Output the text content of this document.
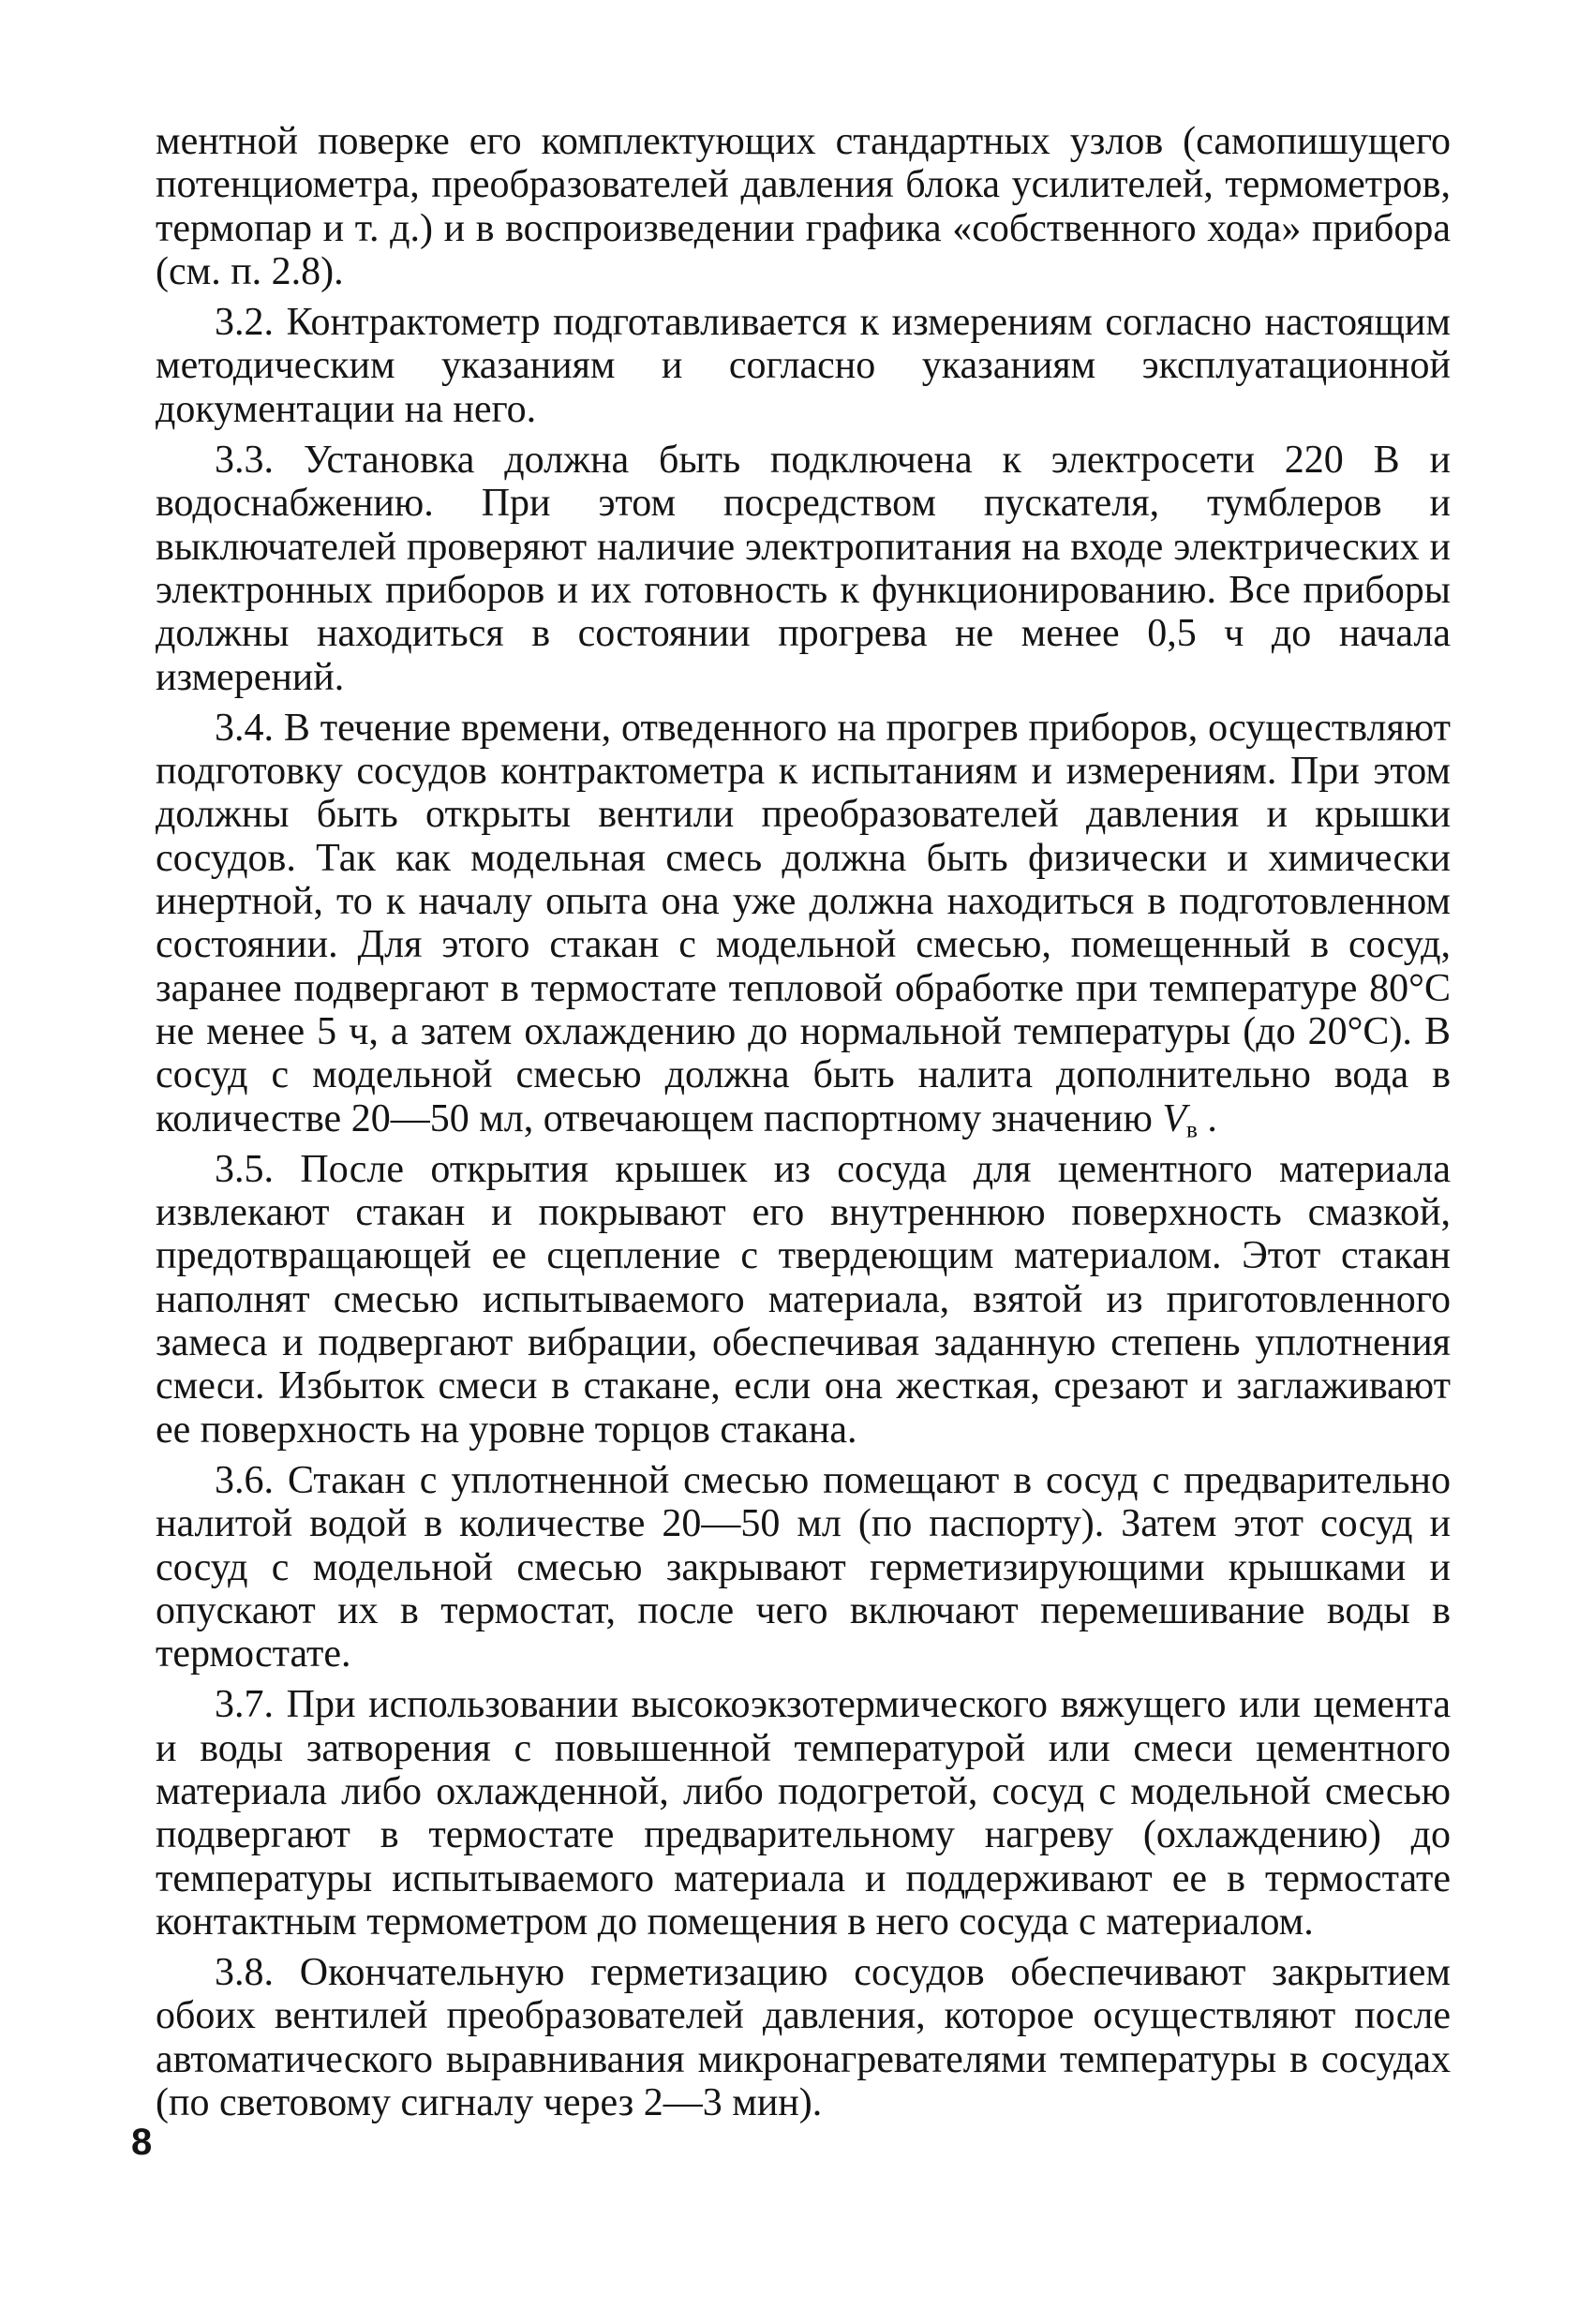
ментной поверке его комплектующих стандартных узлов (самопишущего потенциометра, преобразователей давления блока усилителей, термометров, термопар и т. д.) и в воспроизведении графика «собственного хода» прибора (см. п. 2.8).

3.2. Контрактометр подготавливается к измерениям согласно настоящим методическим указаниям и согласно указаниям эксплуатационной документации на него.

3.3. Установка должна быть подключена к электросети 220 В и водоснабжению. При этом посредством пускателя, тумблеров и выключателей проверяют наличие электропитания на входе электрических и электронных приборов и их готовность к функционированию. Все приборы должны находиться в состоянии прогрева не менее 0,5 ч до начала измерений.

3.4. В течение времени, отведенного на прогрев приборов, осуществляют подготовку сосудов контрактометра к испытаниям и измерениям. При этом должны быть открыты вентили преобразователей давления и крышки сосудов. Так как модельная смесь должна быть физически и химически инертной, то к началу опыта она уже должна находиться в подготовленном состоянии. Для этого стакан с модельной смесью, помещенный в сосуд, заранее подвергают в термостате тепловой обработке при температуре 80°С не менее 5 ч, а затем охлаждению до нормальной температуры (до 20°С). В сосуд с модельной смесью должна быть налита дополнительно вода в количестве 20—50 мл, отвечающем паспортному значению $V_в$ .

3.5. После открытия крышек из сосуда для цементного материала извлекают стакан и покрывают его внутреннюю поверхность смазкой, предотвращающей ее сцепление с твердеющим материалом. Этот стакан наполнят смесью испытываемого материала, взятой из приготовленного замеса и подвергают вибрации, обеспечивая заданную степень уплотнения смеси. Избыток смеси в стакане, если она жесткая, срезают и заглаживают ее поверхность на уровне торцов стакана.

3.6. Стакан с уплотненной смесью помещают в сосуд с предварительно налитой водой в количестве 20—50 мл (по паспорту). Затем этот сосуд и сосуд с модельной смесью закрывают герметизирующими крышками и опускают их в термостат, после чего включают перемешивание воды в термостате.

3.7. При использовании высокоэкзотермического вяжущего или цемента и воды затворения с повышенной температурой или смеси цементного материала либо охлажденной, либо подогретой, сосуд с модельной смесью подвергают в термостате предварительному нагреву (охлаждению) до температуры испытываемого материала и поддерживают ее в термостате контактным термометром до помещения в него сосуда с материалом.

3.8. Окончательную герметизацию сосудов обеспечивают закрытием обоих вентилей преобразователей давления, которое осуществляют после автоматического выравнивания микронагревателями температуры в сосудах (по световому сигналу через 2—3 мин).

8
